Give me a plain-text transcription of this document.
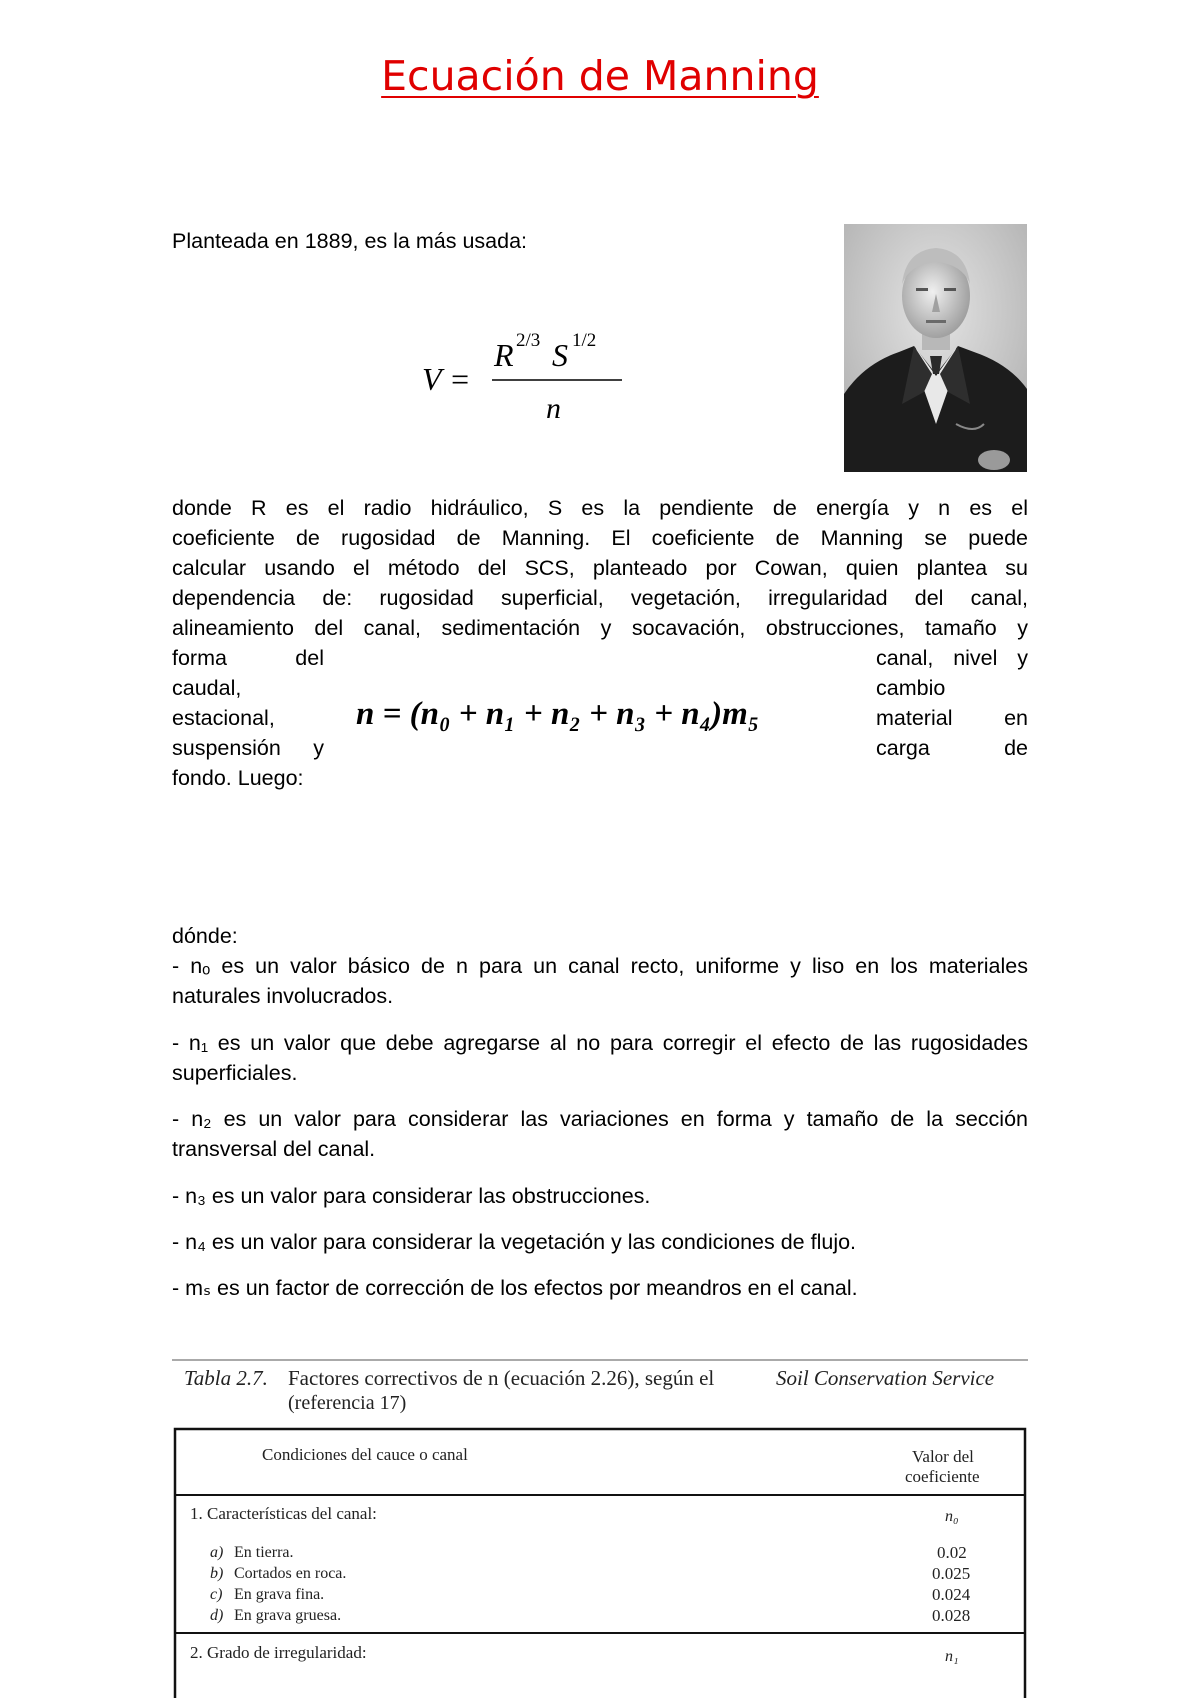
Ecuación de Manning
Planteada en 1889, es la más usada:
V =
R 2/3 S 1/2
n
donde R es el radio hidráulico, S es la pendiente de energía y n es el
coeficiente de rugosidad de Manning. El coeficiente de Manning se puede
calcular usando el método del SCS, planteado por Cowan, quien plantea su
dependencia de: rugosidad superficial, vegetación, irregularidad del canal,
alineamiento del canal, sedimentación y socavación, obstrucciones, tamaño y
forma del
caudal,
estacional,
suspensión y
fondo. Luego:
canal, nivel y
cambio
material en
carga de
n = (n₀ + n₁ + n₂ + n₃ + n₄)m₅
dónde:
- nₒ es un valor básico de n para un canal recto, uniforme y liso en los materiales naturales involucrados.
- n₁ es un valor que debe agregarse al no para corregir el efecto de las rugosidades superficiales.
- n₂ es un valor para considerar las variaciones en forma y tamaño de la sección transversal del canal.
- n₃ es un valor para considerar las obstrucciones.
- n₄ es un valor para considerar la vegetación y las condiciones de flujo.
- mₛ es un factor de corrección de los efectos por meandros en el canal.
Tabla 2.7. Factores correctivos de n (ecuación 2.26), según el	Soil Conservation Service
(referencia 17)
Condiciones del cauce o canal	Valor del
coeficiente
1. Características del canal:	n₀
a) En tierra.	0.02
b) Cortados en roca.	0.025
c) En grava fina.	0.024
d) En grava gruesa.	0.028
2. Grado de irregularidad:	n₁
